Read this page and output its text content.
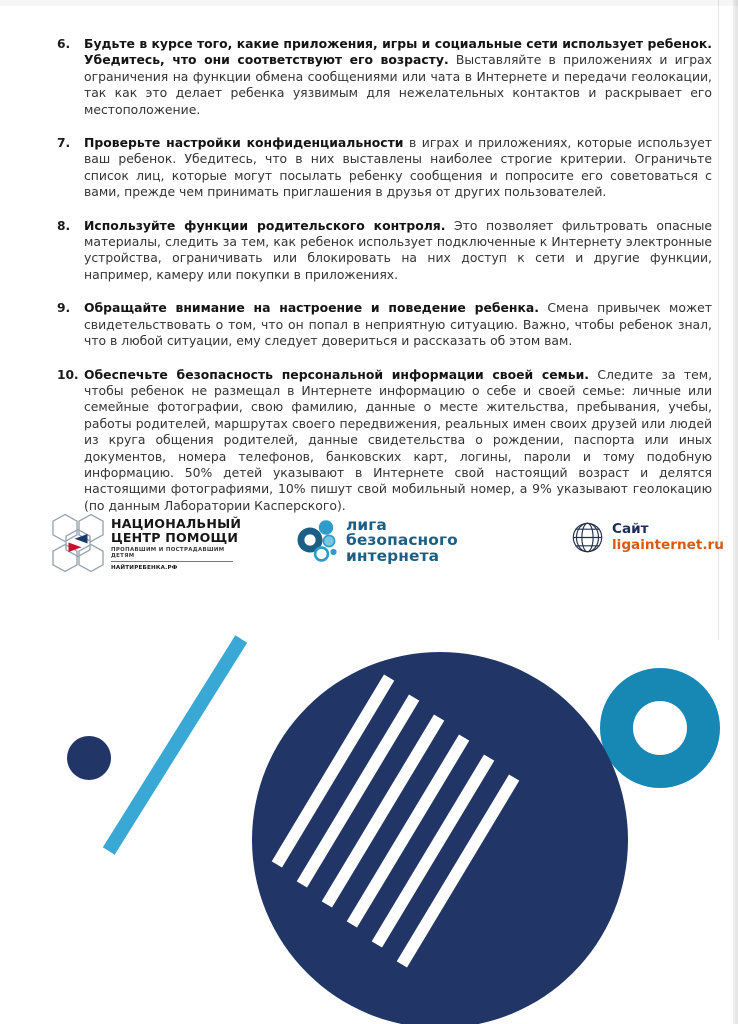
6.	Будьте в курсе того, какие приложения, игры и социальные сети использует ребенок. Убедитесь, что они соответствуют его возрасту. Выставляйте в приложениях и играх ограничения на функции обмена сообщениями или чата в Интернете и передачи геолокации, так как это делает ребенка уязвимым для нежелательных контактов и раскрывает его местоположение.
7.	Проверьте настройки конфиденциальности в играх и приложениях, которые использует ваш ребенок. Убедитесь, что в них выставлены наиболее строгие критерии. Ограничьте список лиц, которые могут посылать ребенку сообщения и попросите его советоваться с вами, прежде чем принимать приглашения в друзья от других пользователей.
8.	Используйте функции родительского контроля. Это позволяет фильтровать опасные материалы, следить за тем, как ребенок использует подключенные к Интернету электронные устройства, ограничивать или блокировать на них доступ к сети и другие функции, например, камеру или покупки в приложениях.
9.	Обращайте внимание на настроение и поведение ребенка. Смена привычек может свидетельствовать о том, что он попал в неприятную ситуацию. Важно, чтобы ребенок знал, что в любой ситуации, ему следует довериться и рассказать об этом вам.
10. Обеспечьте безопасность персональной информации своей семьи. Следите за тем, чтобы ребенок не размещал в Интернете информацию о себе и своей семье: личные или семейные фотографии, свою фамилию, данные о месте жительства, пребывания, учебы, работы родителей, маршрутах своего передвижения, реальных имен своих друзей или людей из круга общения родителей, данные свидетельства о рождении, паспорта или иных документов, номера телефонов, банковских карт, логины, пароли и тому подобную информацию. 50% детей указывают в Интернете свой настоящий возраст и делятся настоящими фотографиями, 10% пишут свой мобильный номер, а 9% указывают геолокацию (по данным Лаборатории Касперского).
НАЦИОНАЛЬНЫЙ
ЦЕНТР ПОМОЩИ
ПРОПАВШИМ И ПОСТРАДАВШИМ ДЕТЯМ
НАЙТИРЕБЕНКА.РФ
лига
безопасного
интернета
Сайт
ligainternet.ru
